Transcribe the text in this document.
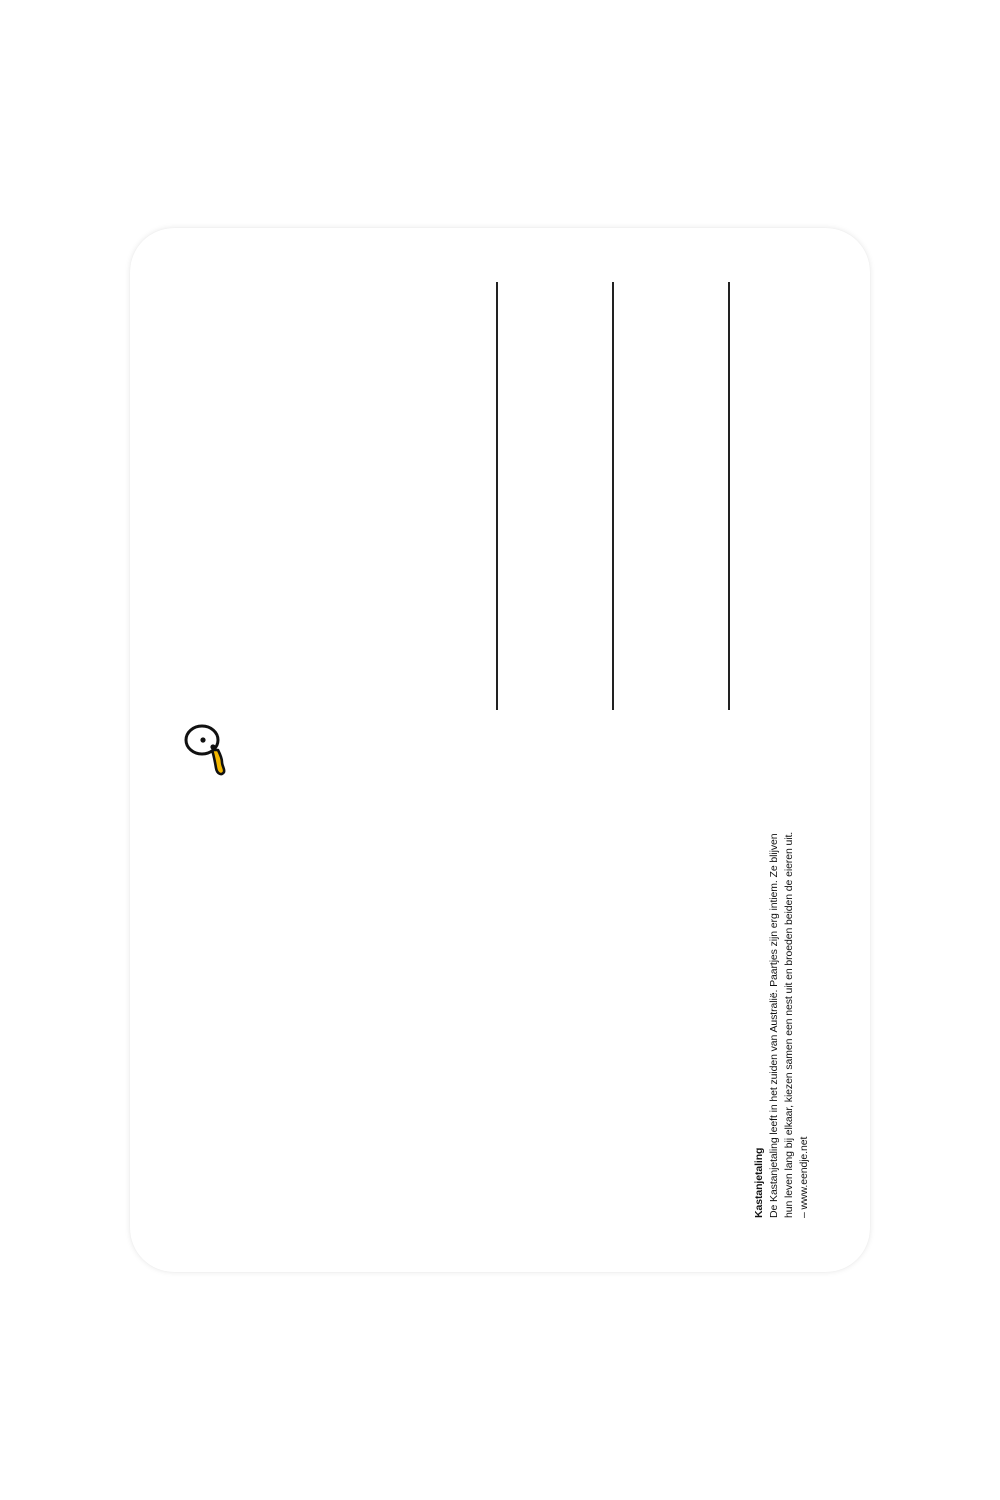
Kastanjetaling De Kastanjetaling leeft in het zuiden van Australië. Paartjes zijn erg intiem. Ze blijven hun leven lang bij elkaar, kiezen samen een nest uit en broeden beiden de eieren uit. – www.eendje.net
